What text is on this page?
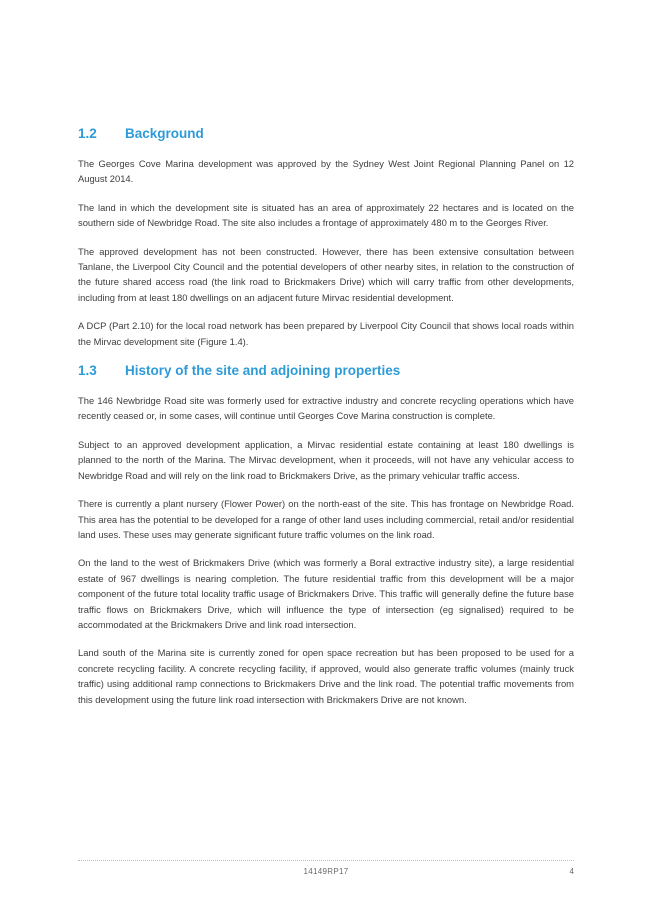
1.2	Background

The Georges Cove Marina development was approved by the Sydney West Joint Regional Planning Panel on 12 August 2014.

The land in which the development site is situated has an area of approximately 22 hectares and is located on the southern side of Newbridge Road. The site also includes a frontage of approximately 480 m to the Georges River.

The approved development has not been constructed. However, there has been extensive consultation between Tanlane, the Liverpool City Council and the potential developers of other nearby sites, in relation to the construction of the future shared access road (the link road to Brickmakers Drive) which will carry traffic from other developments, including from at least 180 dwellings on an adjacent future Mirvac residential development.

A DCP (Part 2.10) for the local road network has been prepared by Liverpool City Council that shows local roads within the Mirvac development site (Figure 1.4).

1.3	History of the site and adjoining properties

The 146 Newbridge Road site was formerly used for extractive industry and concrete recycling operations which have recently ceased or, in some cases, will continue until Georges Cove Marina construction is complete.

Subject to an approved development application, a Mirvac residential estate containing at least 180 dwellings is planned to the north of the Marina. The Mirvac development, when it proceeds, will not have any vehicular access to Newbridge Road and will rely on the link road to Brickmakers Drive, as the primary vehicular traffic access.

There is currently a plant nursery (Flower Power) on the north-east of the site. This has frontage on Newbridge Road. This area has the potential to be developed for a range of other land uses including commercial, retail and/or residential land uses. These uses may generate significant future traffic volumes on the link road.

On the land to the west of Brickmakers Drive (which was formerly a Boral extractive industry site), a large residential estate of 967 dwellings is nearing completion. The future residential traffic from this development will be a major component of the future total locality traffic usage of Brickmakers Drive. This traffic will generally define the future base traffic flows on Brickmakers Drive, which will influence the type of intersection (eg signalised) required to be accommodated at the Brickmakers Drive and link road intersection.

Land south of the Marina site is currently zoned for open space recreation but has been proposed to be used for a concrete recycling facility. A concrete recycling facility, if approved, would also generate traffic volumes (mainly truck traffic) using additional ramp connections to Brickmakers Drive and the link road. The potential traffic movements from this development using the future link road intersection with Brickmakers Drive are not known.

14149RP17	4
